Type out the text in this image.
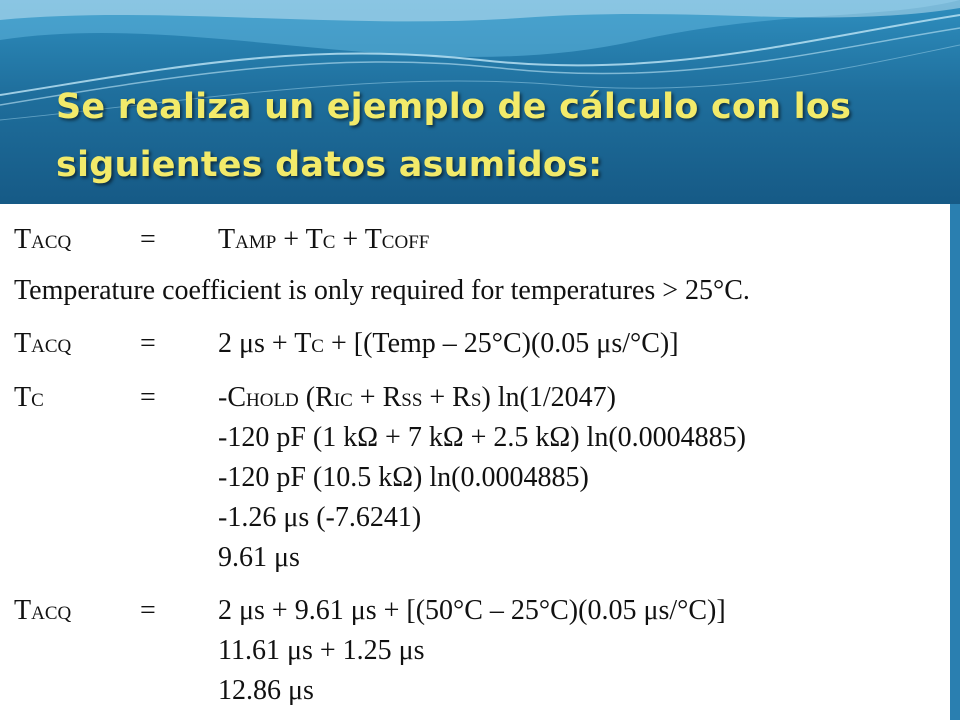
Se realiza un ejemplo de cálculo con los siguientes datos asumidos:
TACQ = TAMP + TC + TCOFF
Temperature coefficient is only required for temperatures > 25°C.
TACQ = 2 μs + TC + [(Temp – 25°C)(0.05 μs/°C)]
TC	= -CHOLD (RIC + RSS + RS) ln(1/2047)
-120 pF (1 kΩ + 7 kΩ + 2.5 kΩ) ln(0.0004885)
-120 pF (10.5 kΩ) ln(0.0004885)
-1.26 μs (-7.6241)
9.61 μs
TACQ = 2 μs + 9.61 μs + [(50°C – 25°C)(0.05 μs/°C)]
11.61 μs + 1.25 μs
12.86 μs
